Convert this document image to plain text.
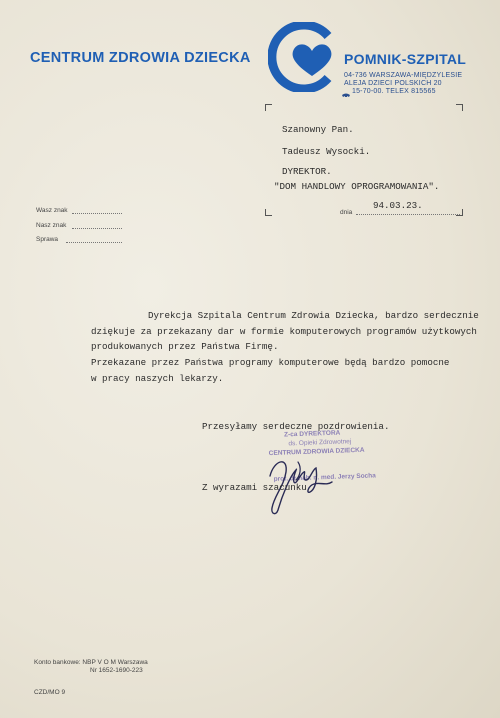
CENTRUM ZDROWIA DZIECKA	POMNIK-SZPITAL
04-736 WARSZAWA-MIĘDZYLESIE
ALEJA DZIECI POLSKICH 20
15-70-00. TELEX 815565
Szanowny Pan.
Tadeusz Wysocki.
DYREKTOR.
"DOM HANDLOWY OPROGRAMOWANIA".
94.03.23.
dnia
Wasz znak
Nasz znak
Sprawa
Dyrekcja Szpitala Centrum Zdrowia Dziecka, bardzo serdecznie
dziękuje za przekazany dar w formie komputerowych programów użytkowych
produkowanych przez Państwa Firmę.
Przekazane przez Państwa programy komputerowe będą bardzo pomocne
w pracy naszych lekarzy.
Przesyłamy serdeczne pozdrowienia.
Z-ca DYREKTORA
ds. Opieki Zdrowotnej
CENTRUM ZDROWIA DZIECKA
prof. dr hab. n. med. Jerzy Socha
Z wyrazami szacunku
Konto bankowe: NBP V O M Warszawa
Nr 1652-1690-223
CZD/MO 9
